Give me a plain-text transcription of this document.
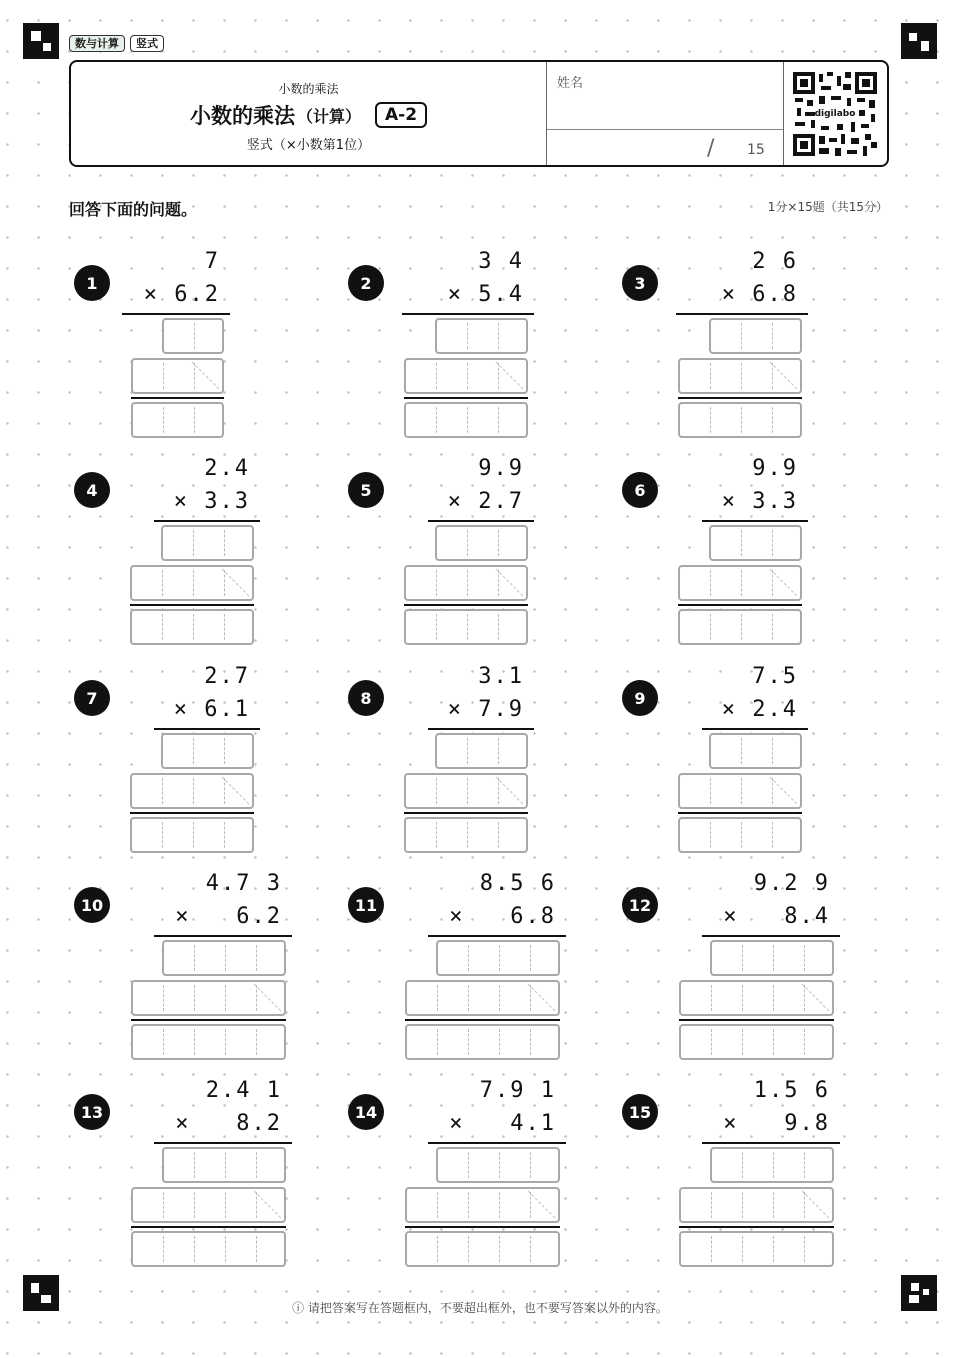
数与计算	竖式
小数的乘法
小数的乘法 （计算）	A-2
竖式（×小数第1位）
姓名
/ 15
digilabo
回答下面的问题。	1分×15题（共15分）
1
7
× 6.2	2
3 4
× 5.4	3
2 6
× 6.8
4
2.4
× 3.3	5
9.9
× 2.7	6
9.9
× 3.3
7
2.7
× 6.1	8
3.1
× 7.9	9
7.5
× 2.4
10
4.7 3
×   6.2	11
8.5 6
×   6.8	12
9.2 9
×   8.4
13
2.4 1
×   8.2	14
7.9 1
×   4.1	15
1.5 6
×   9.8
ⓘ 请把答案写在答题框内，不要超出框外，也不要写答案以外的内容。
